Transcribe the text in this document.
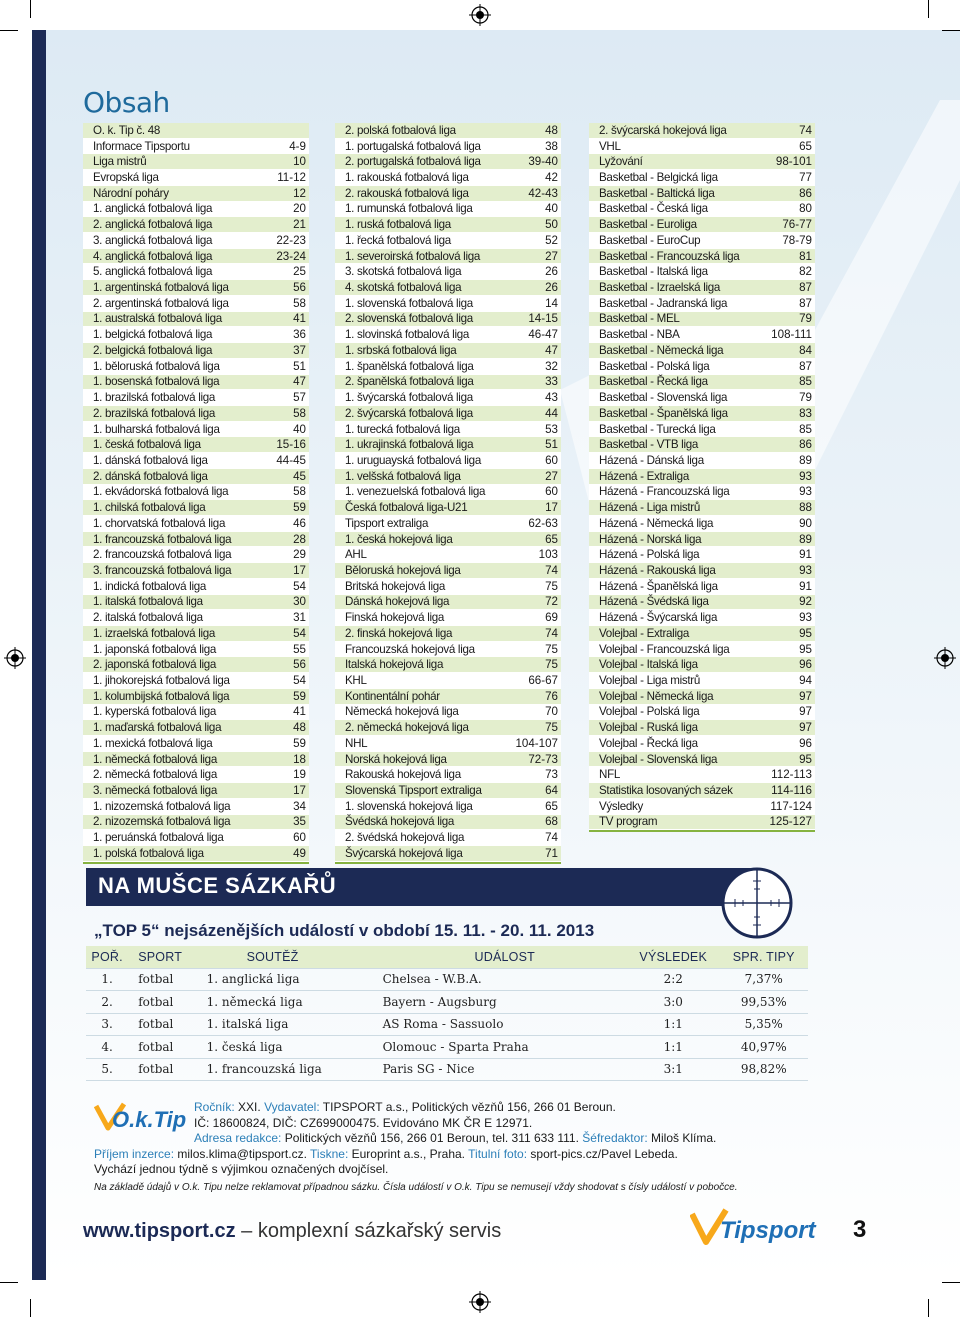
Obsah
O. k. Tip č. 48
Informace Tipsportu	4-9
Liga mistrů	10
Evropská liga	11-12
Národní poháry	12
1. anglická fotbalová liga	20
2. anglická fotbalová liga	21
3. anglická fotbalová liga	22-23
4. anglická fotbalová liga	23-24
5. anglická fotbalová liga	25
1. argentinská fotbalová liga	56
2. argentinská fotbalová liga	58
1. australská fotbalová liga	41
1. belgická fotbalová liga	36
2. belgická fotbalová liga	37
1. běloruská fotbalová liga	51
1. bosenská fotbalová liga	47
1. brazilská fotbalová liga	57
2. brazilská fotbalová liga	58
1. bulharská fotbalová liga	40
1. česká fotbalová liga	15-16
1. dánská fotbalová liga	44-45
2. dánská fotbalová liga	45
1. ekvádorská fotbalová liga	58
1. chilská fotbalová liga	59
1. chorvatská fotbalová liga	46
1. francouzská fotbalová liga	28
2. francouzská fotbalová liga	29
3. francouzská fotbalová liga	17
1. indická fotbalová liga	54
1. italská fotbalová liga	30
2. italská fotbalová liga	31
1. izraelská fotbalová liga	54
1. japonská fotbalová liga	55
2. japonská fotbalová liga	56
1. jihokorejská fotbalová liga	54
1. kolumbijská fotbalová liga	59
1. kyperská fotbalová liga	41
1. maďarská fotbalová liga	48
1. mexická fotbalová liga	59
1. německá fotbalová liga	18
2. německá fotbalová liga	19
3. německá fotbalová liga	17
1. nizozemská fotbalová liga	34
2. nizozemská fotbalová liga	35
1. peruánská fotbalová liga	60
1. polská fotbalová liga	49
2. polská fotbalová liga	48
1. portugalská fotbalová liga	38
2. portugalská fotbalová liga	39-40
1. rakouská fotbalová liga	42
2. rakouská fotbalová liga	42-43
1. rumunská fotbalová liga	40
1. ruská fotbalová liga	50
1. řecká fotbalová liga	52
1. severoirská fotbalová liga	27
3. skotská fotbalová liga	26
4. skotská fotbalová liga	26
1. slovenská fotbalová liga	14
2. slovenská fotbalová liga	14-15
1. slovinská fotbalová liga	46-47
1. srbská fotbalová liga	47
1. španělská fotbalová liga	32
2. španělská fotbalová liga	33
1. švýcarská fotbalová liga	43
2. švýcarská fotbalová liga	44
1. turecká fotbalová liga	53
1. ukrajinská fotbalová liga	51
1. uruguayská fotbalová liga	60
1. velšská fotbalová liga	27
1. venezuelská fotbalová liga	60
Česká fotbalová liga-U21	17
Tipsport extraliga	62-63
1. česká hokejová liga	65
AHL	103
Běloruská hokejová liga	74
Britská hokejová liga	75
Dánská hokejová liga	72
Finská hokejová liga	69
2. finská hokejová liga	74
Francouzská hokejová liga	75
Italská hokejová liga	75
KHL	66-67
Kontinentální pohár	76
Německá hokejová liga	70
2. německá hokejová liga	75
NHL	104-107
Norská hokejová liga	72-73
Rakouská hokejová liga	73
Slovenská Tipsport extraliga	64
1. slovenská hokejová liga	65
Švédská hokejová liga	68
2. švédská hokejová liga	74
Švýcarská hokejová liga	71
2. švýcarská hokejová liga	74
VHL	65
Lyžování	98-101
Basketbal - Belgická liga	77
Basketbal - Baltická liga	86
Basketbal - Česká liga	80
Basketbal - Euroliga	76-77
Basketbal - EuroCup	78-79
Basketbal - Francouzská liga	81
Basketbal - Italská liga	82
Basketbal - Izraelská liga	87
Basketbal - Jadranská liga	87
Basketbal - MEL	79
Basketbal - NBA	108-111
Basketbal - Německá liga	84
Basketbal - Polská liga	87
Basketbal - Řecká liga	85
Basketbal - Slovenská liga	79
Basketbal - Španělská liga	83
Basketbal - Turecká liga	85
Basketbal - VTB liga	86
Házená - Dánská liga	89
Házená - Extraliga	93
Házená - Francouzská liga	93
Házená - Liga mistrů	88
Házená - Německá liga	90
Házená - Norská liga	89
Házená - Polská liga	91
Házená - Rakouská liga	93
Házená - Španělská liga	91
Házená - Švédská liga	92
Házená - Švýcarská liga	93
Volejbal - Extraliga	95
Volejbal - Francouzská liga	95
Volejbal - Italská liga	96
Volejbal - Liga mistrů	94
Volejbal - Německá liga	97
Volejbal - Polská liga	97
Volejbal - Ruská liga	97
Volejbal - Řecká liga	96
Volejbal - Slovenská liga	95
NFL	112-113
Statistika losovaných sázek	114-116
Výsledky	117-124
TV program	125-127
NA MUŠCE SÁZKAŘŮ
„TOP 5“ nejsázenějších událostí v období 15. 11. - 20. 11. 2013
POŘ.	SPORT	SOUTĚŽ	UDÁLOST	VÝSLEDEK	SPR. TIPY
1.	fotbal	1. anglická liga	Chelsea - W.B.A.	2:2	7,37%
2.	fotbal	1. německá liga	Bayern - Augsburg	3:0	99,53%
3.	fotbal	1. italská liga	AS Roma - Sassuolo	1:1	5,35%
4.	fotbal	1. česká liga	Olomouc - Sparta Praha	1:1	40,97%
5.	fotbal	1. francouzská liga	Paris SG - Nice	3:1	98,82%
O.k.Tip Ročník: XXI. Vydavatel: TIPSPORT a.s., Politických vězňů 156, 266 01 Beroun.
IČ: 18600824, DIČ: CZ699000475. Evidováno MK ČR E 12971.
Adresa redakce: Politických vězňů 156, 266 01 Beroun, tel. 311 633 111. Šéfredaktor: Miloš Klíma.
Příjem inzerce: milos.klima@tipsport.cz. Tiskne: Europrint a.s., Praha. Titulní foto: sport-pics.cz/Pavel Lebeda.
Vychází jednou týdně s výjimkou označených dvojčísel.
Na základě údajů v O.k. Tipu nelze reklamovat případnou sázku. Čísla událostí v O.k. Tipu se nemusejí vždy shodovat s čísly událostí v pobočce.
www.tipsport.cz – komplexní sázkařský servis	Tipsport 3
